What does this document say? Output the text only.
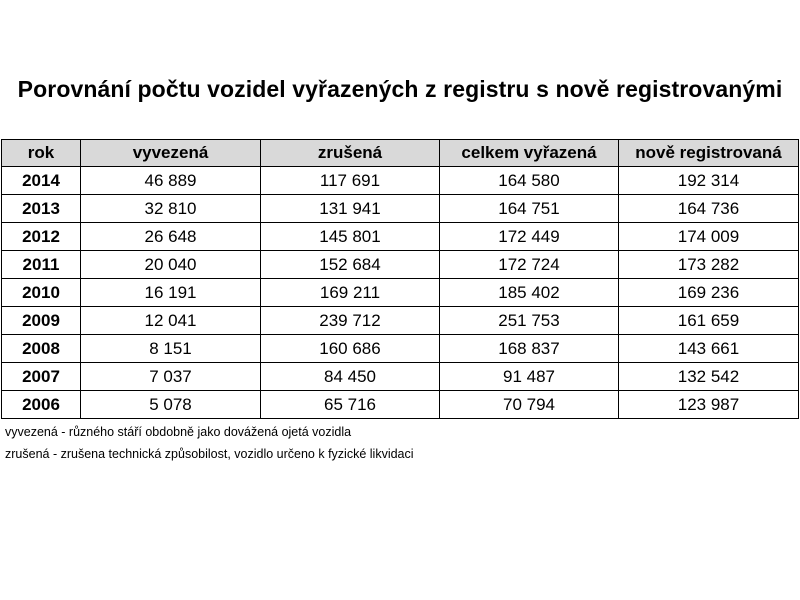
Porovnání počtu vozidel vyřazených z registru s nově registrovanými
rok	vyvezená	zrušená	celkem vyřazená	nově registrovaná
2014	46 889	117 691	164 580	192 314
2013	32 810	131 941	164 751	164 736
2012	26 648	145 801	172 449	174 009
2011	20 040	152 684	172 724	173 282
2010	16 191	169 211	185 402	169 236
2009	12 041	239 712	251 753	161 659
2008	8 151	160 686	168 837	143 661
2007	7 037	84 450	91 487	132 542
2006	5 078	65 716	70 794	123 987
vyvezená - různého stáří obdobně jako dovážená ojetá vozidla
zrušená - zrušena technická způsobilost, vozidlo určeno k fyzické likvidaci
